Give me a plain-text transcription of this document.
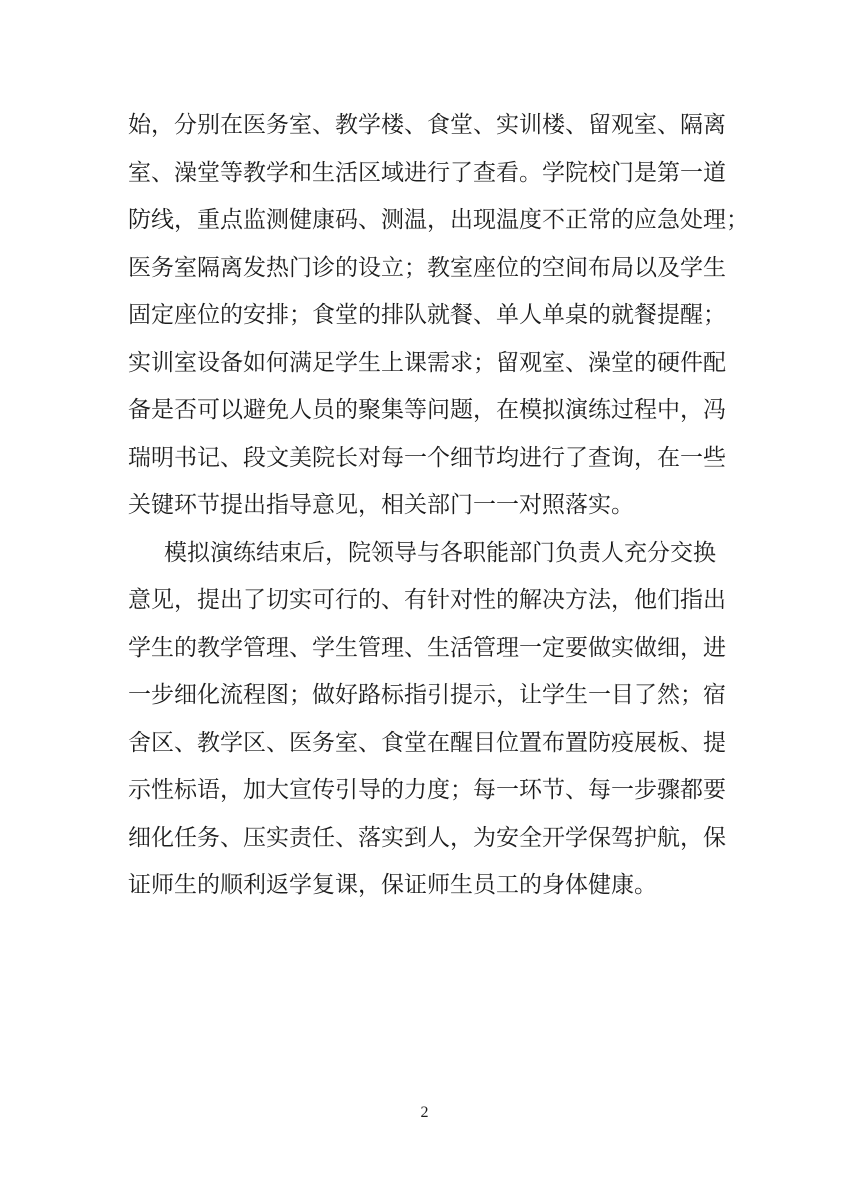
始，分别在医务室、教学楼、食堂、实训楼、留观室、隔离
室、澡堂等教学和生活区域进行了查看。学院校门是第一道
防线，重点监测健康码、测温，出现温度不正常的应急处理；
医务室隔离发热门诊的设立；教室座位的空间布局以及学生
固定座位的安排；食堂的排队就餐、单人单桌的就餐提醒；
实训室设备如何满足学生上课需求；留观室、澡堂的硬件配
备是否可以避免人员的聚集等问题，在模拟演练过程中，冯
瑞明书记、段文美院长对每一个细节均进行了查询，在一些
关键环节提出指导意见，相关部门一一对照落实。
模拟演练结束后，院领导与各职能部门负责人充分交换
意见，提出了切实可行的、有针对性的解决方法，他们指出
学生的教学管理、学生管理、生活管理一定要做实做细，进
一步细化流程图；做好路标指引提示，让学生一目了然；宿
舍区、教学区、医务室、食堂在醒目位置布置防疫展板、提
示性标语，加大宣传引导的力度；每一环节、每一步骤都要
细化任务、压实责任、落实到人，为安全开学保驾护航，保
证师生的顺利返学复课，保证师生员工的身体健康。
2
